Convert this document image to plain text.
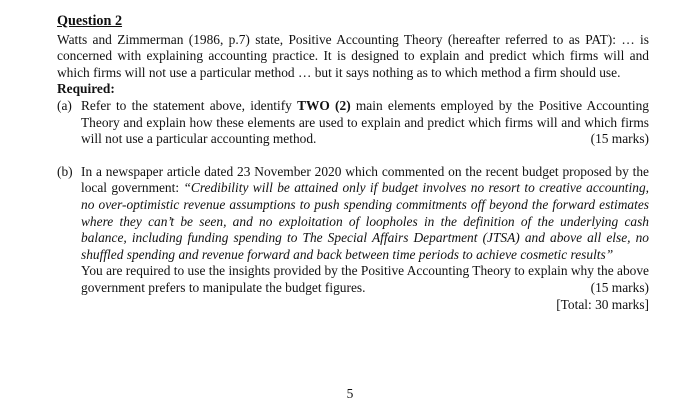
Question 2

Watts and Zimmerman (1986, p.7) state, Positive Accounting Theory (hereafter referred to as PAT): … is concerned with explaining accounting practice. It is designed to explain and predict which firms will and which firms will not use a particular method … but it says nothing as to which method a firm should use.

Required:

(a) Refer to the statement above, identify TWO (2) main elements employed by the Positive Accounting Theory and explain how these elements are used to explain and predict which firms will and which firms will not use a particular accounting method.	(15 marks)

(b) In a newspaper article dated 23 November 2020 which commented on the recent budget proposed by the local government: “Credibility will be attained only if budget involves no resort to creative accounting, no over-optimistic revenue assumptions to push spending commitments off beyond the forward estimates where they can’t be seen, and no exploitation of loopholes in the definition of the underlying cash balance, including funding spending to The Special Affairs Department (JTSA) and above all else, no shuffled spending and revenue forward and back between time periods to achieve cosmetic results”

You are required to use the insights provided by the Positive Accounting Theory to explain why the above government prefers to manipulate the budget figures.	(15 marks)

[Total: 30 marks]
5
